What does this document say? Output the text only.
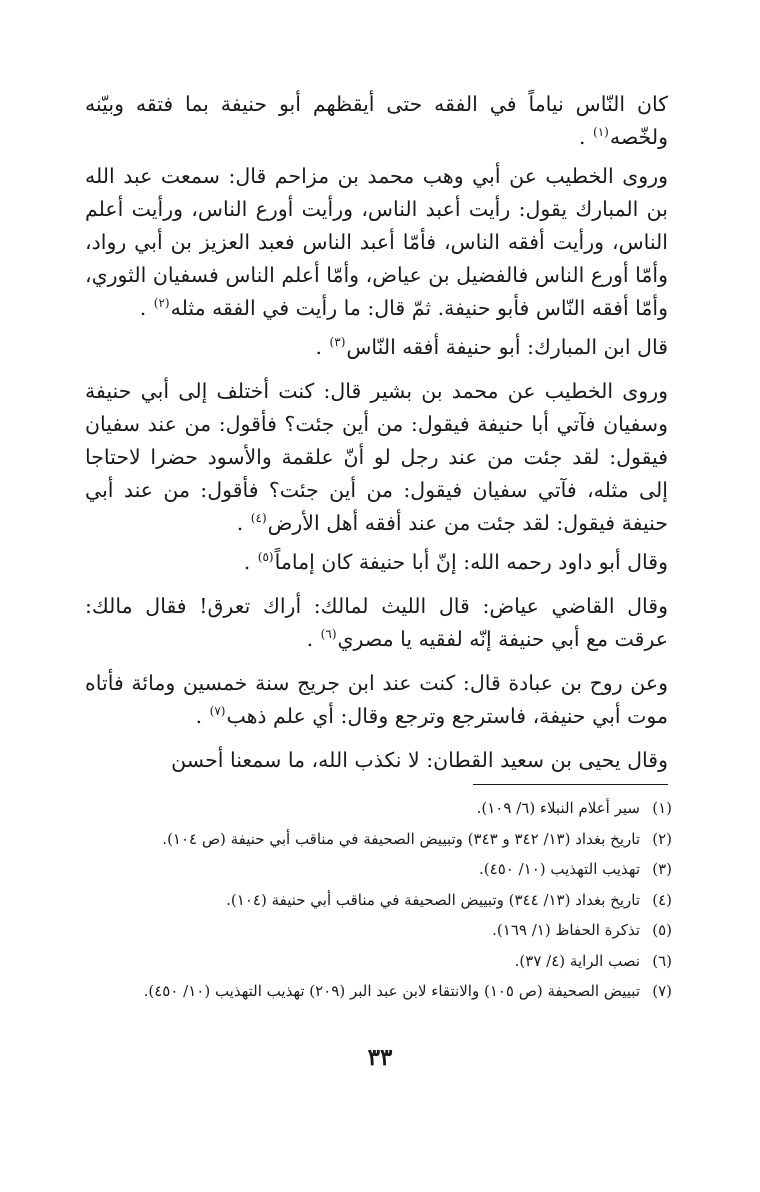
كان النّاس نياماً في الفقه حتى أيقظهم أبو حنيفة بما فتقه وبيّنه ولخّصه$^{(١)}$ .

وروى الخطيب عن أبي وهب محمد بن مزاحم قال: سمعت عبد الله بن المبارك يقول: رأيت أعبد الناس، ورأيت أورع الناس، ورأيت أعلم الناس، ورأيت أفقه الناس، فأمّا أعبد الناس فعبد العزيز بن أبي رواد، وأمّا أورع الناس فالفضيل بن عياض، وأمّا أعلم الناس فسفيان الثوري، وأمّا أفقه النّاس فأبو حنيفة. ثمّ قال: ما رأيت في الفقه مثله$^{(٢)}$ .

قال ابن المبارك: أبو حنيفة أفقه النّاس$^{(٣)}$ .

وروى الخطيب عن محمد بن بشير قال: كنت أختلف إلى أبي حنيفة وسفيان فآتي أبا حنيفة فيقول: من أين جئت؟ فأقول: من عند سفيان فيقول: لقد جئت من عند رجل لو أنّ علقمة والأسود حضرا لاحتاجا إلى مثله، فآتي سفيان فيقول: من أين جئت؟ فأقول: من عند أبي حنيفة فيقول: لقد جئت من عند أفقه أهل الأرض$^{(٤)}$ .

وقال أبو داود رحمه الله: إنّ أبا حنيفة كان إماماً$^{(٥)}$ .

وقال القاضي عياض: قال الليث لمالك: أراك تعرق! فقال مالك: عرقت مع أبي حنيفة إنّه لفقيه يا مصري$^{(٦)}$ .

وعن روح بن عبادة قال: كنت عند ابن جريج سنة خمسين ومائة فأتاه موت أبي حنيفة، فاسترجع وترجع وقال: أي علم ذهب$^{(٧)}$ .

وقال يحيى بن سعيد القطان: لا نكذب الله، ما سمعنا أحسن

(١)
سير أعلام النبلاء (٦/ ١٠٩).
(٢)
تاريخ بغداد (١٣/ ٣٤٢ و ٣٤٣) وتبييض الصحيفة في مناقب أبي حنيفة (ص ١٠٤).
(٣)
تهذيب التهذيب (١٠/ ٤٥٠).
(٤)
تاريخ بغداد (١٣/ ٣٤٤) وتبييض الصحيفة في مناقب أبي حنيفة (١٠٤).
(٥)
تذكرة الحفاظ (١/ ١٦٩).
(٦)
نصب الراية (٤/ ٣٧).
(٧)
تبييض الصحيفة (ص ١٠٥) والانتقاء لابن عبد البر (٢٠٩) تهذيب التهذيب (١٠/ ٤٥٠).
٣٣
